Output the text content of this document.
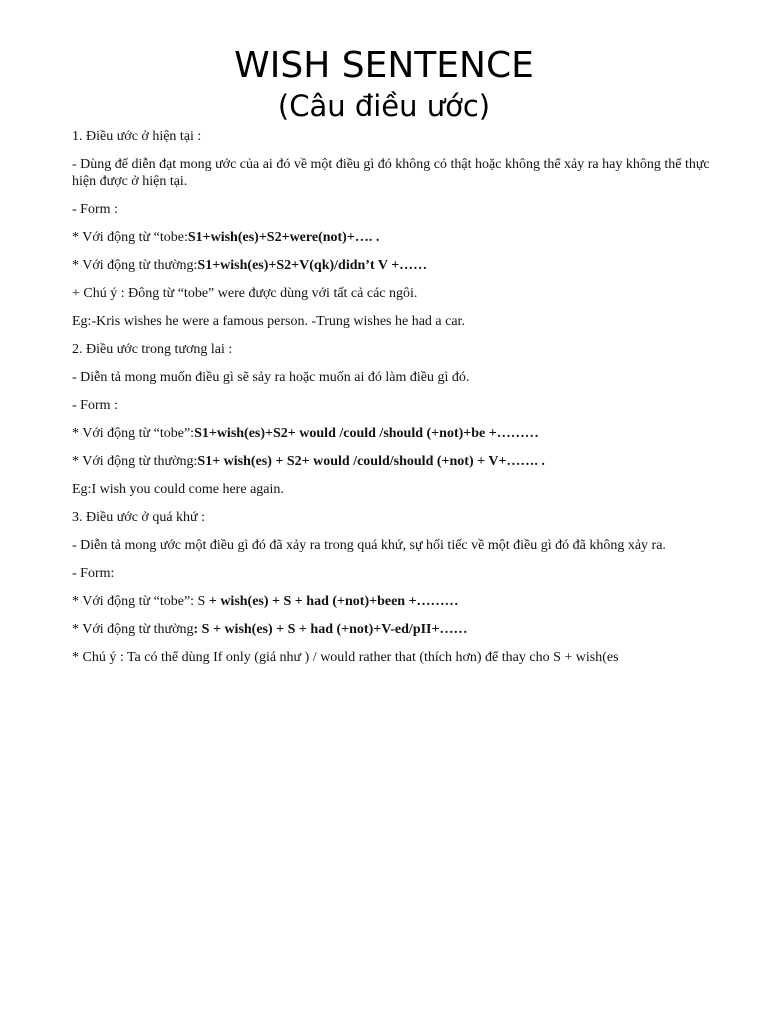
WISH SENTENCE
(Câu điều ước)

1. Điều ước ở hiện tại :

- Dùng để diễn đạt mong ước của ai đó về một điều gì đó không có thật hoặc không thể xảy ra hay không thể thực hiện được ở hiện tại.

- Form :

* Với động từ “tobe:S1+wish(es)+S2+were(not)+…. .

* Với động từ thường:S1+wish(es)+S2+V(qk)/didn’t V +……

+ Chú ý : Đông từ “tobe” were được dùng với tất cả các ngôi.

Eg:-Kris wishes he were a famous person. -Trung wishes he had a car.

2. Điều ước trong tương lai :

- Diễn tả mong muốn điều gì sẽ sảy ra hoặc muốn ai đó làm điều gì đó.

- Form :

* Với động từ “tobe”:S1+wish(es)+S2+ would /could /should (+not)+be +………

* Với động từ thường:S1+ wish(es) + S2+ would /could/should (+not) + V+……. .

Eg:I wish you could come here again.

3. Điều ước ở quá khứ :

- Diễn tả mong ước một điều gì đó đã xảy ra trong quá khứ, sự hối tiếc về một điều gì đó đã không xảy ra.

- Form:

* Với động từ “tobe”: S + wish(es) + S + had (+not)+been +………

* Với động từ thường: S + wish(es) + S + had (+not)+V-ed/pII+……

* Chú ý : Ta có thể dùng If only (giá như ) / would rather that (thích hơn) để thay cho S + wish(es
